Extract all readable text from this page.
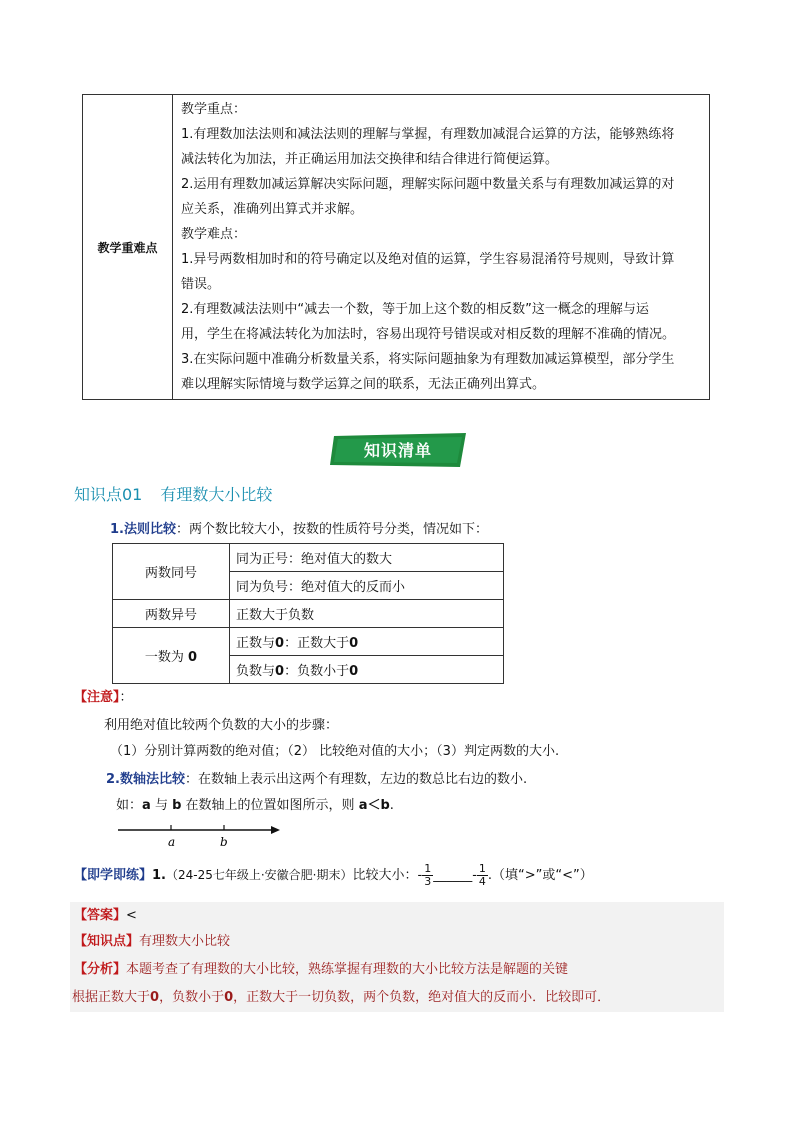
教学重难点

教学重点：

1.有理数加法法则和减法法则的理解与掌握，有理数加减混合运算的方法，能够熟练将

减法转化为加法，并正确运用加法交换律和结合律进行简便运算。

2.运用有理数加减运算解决实际问题，理解实际问题中数量关系与有理数加减运算的对

应关系，准确列出算式并求解。

教学难点：

1.异号两数相加时和的符号确定以及绝对值的运算，学生容易混淆符号规则，导致计算

错误。

2.有理数减法法则中“减去一个数，等于加上这个数的相反数”这一概念的理解与运

用，学生在将减法转化为加法时，容易出现符号错误或对相反数的理解不准确的情况。

3.在实际问题中准确分析数量关系，将实际问题抽象为有理数加减运算模型，部分学生

难以理解实际情境与数学运算之间的联系，无法正确列出算式。

知识清单
知识点01 有理数大小比较
1.法则比较：两个数比较大小，按数的性质符号分类，情况如下：
两数同号	同为正号：绝对值大的数大
	同为负号：绝对值大的反而小
两数异号	正数大于负数
一数为 0	正数与0：正数大于0
	负数与0：负数小于0
【注意】：
利用绝对值比较两个负数的大小的步骤：
（1）分别计算两数的绝对值；（2） 比较绝对值的大小；（3）判定两数的大小.
2.数轴法比较：在数轴上表示出这两个有理数，左边的数总比右边的数小.
如：a 与 b 在数轴上的位置如图所示，则 a＜b.
a	b
【即学即练】1.（24-25七年级上·安徽合肥·期末）比较大小：- $\frac{1}{3}$ ______- $\frac{1}{4}$ .（填“>”或“<”）
【答案】<
【知识点】有理数大小比较
【分析】本题考查了有理数的大小比较，熟练掌握有理数的大小比较方法是解题的关键
根据正数大于0，负数小于0，正数大于一切负数，两个负数，绝对值大的反而小．比较即可．
